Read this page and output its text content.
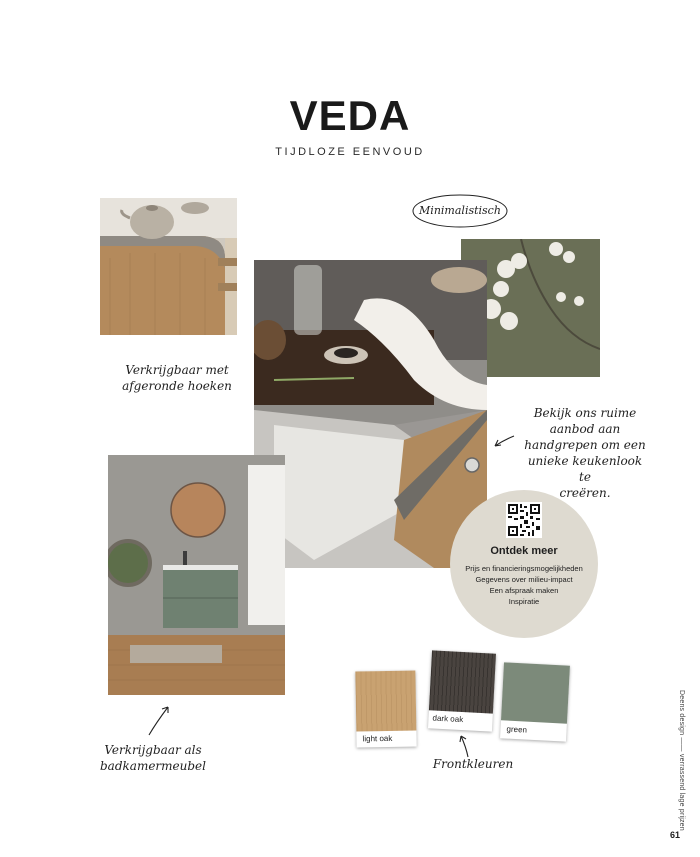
VEDA
TIJDLOZE EENVOUD
Verkrijgbaar met
afgeronde hoeken
Minimalistisch
Bekijk ons ruime
aanbod aan
handgrepen om een
unieke keukenlook te
creëren.
Verkrijgbaar als
badkamermeubel
Ontdek meer
Prijs en financieringsmogelijkheden
Gegevens over milieu-impact
Een afspraak maken
Inspiratie
light oak
dark oak
green
Frontkleuren	Deens design —— verrassend lage prijzen
61
